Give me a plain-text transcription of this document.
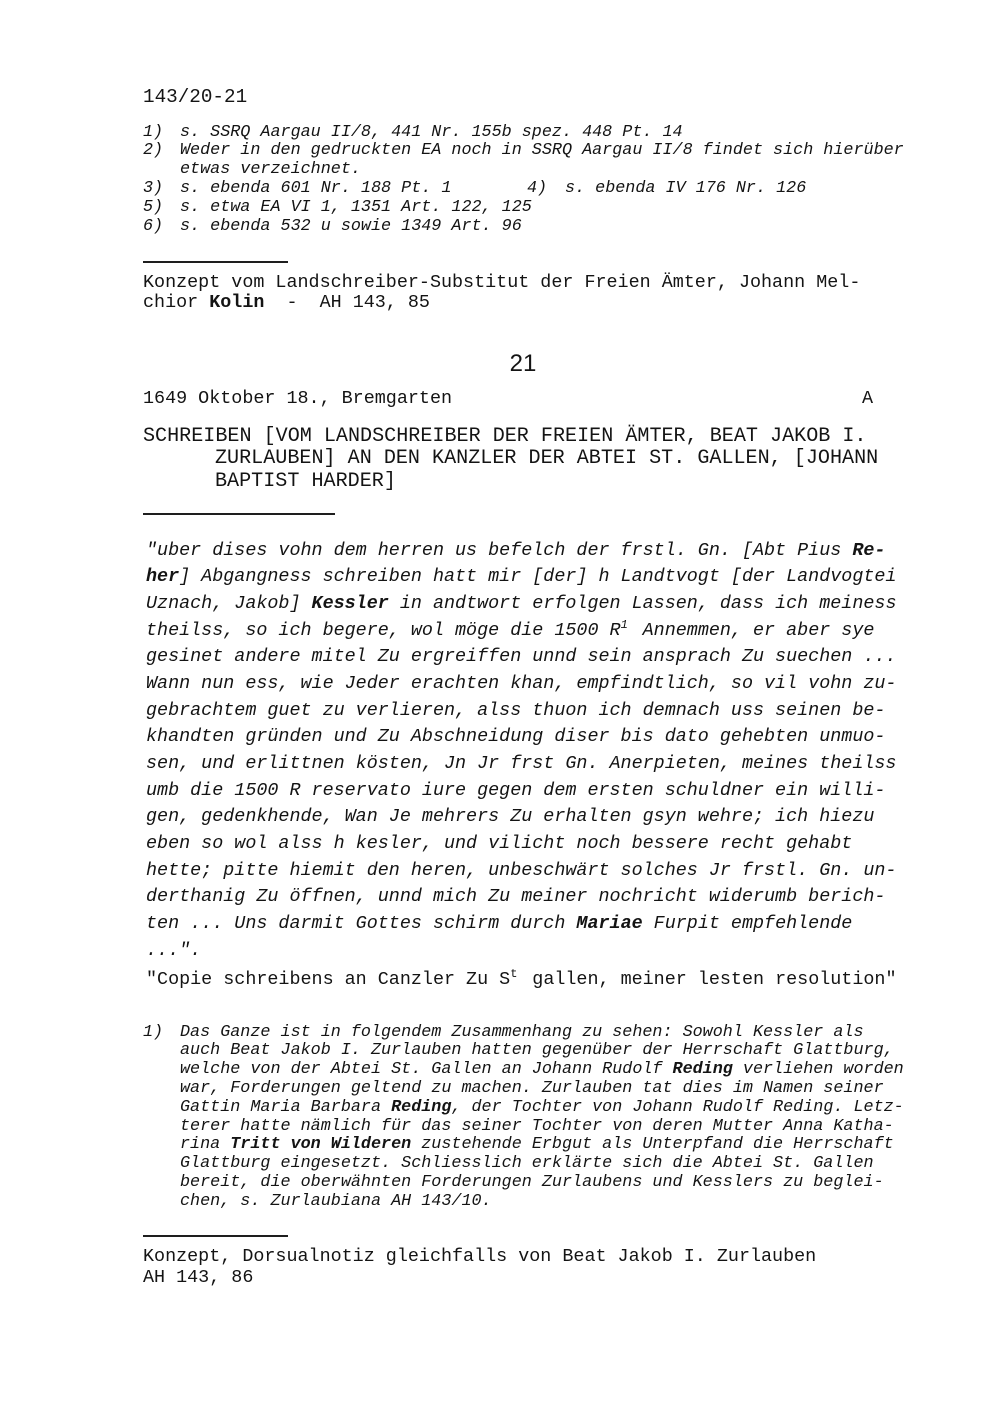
143/20-21
1) s. SSRQ Aargau II/8, 441 Nr. 155b spez. 448 Pt. 14
2) Weder in den gedruckten EA noch in SSRQ Aargau II/8 findet sich hierüber
etwas verzeichnet.
3) s. ebenda 601 Nr. 188 Pt. 1	4) s. ebenda IV 176 Nr. 126
5) s. etwa EA VI 1, 1351 Art. 122, 125
6) s. ebenda 532 u sowie 1349 Art. 96
Konzept vom Landschreiber-Substitut der Freien Ämter, Johann Mel-
chior Kolin  -  AH 143, 85
21
1649 Oktober 18., Bremgarten	A
SCHREIBEN [VOM LANDSCHREIBER DER FREIEN ÄMTER, BEAT JAKOB I.
ZURLAUBEN] AN DEN KANZLER DER ABTEI ST. GALLEN, [JOHANN
BAPTIST HARDER]
"uber dises vohn dem herren us befelch der frstl. Gn. [Abt Pius Re-
her] Abgangness schreiben hatt mir [der] h Landtvogt [der Landvogtei
Uznach, Jakob] Kessler in andtwort erfolgen Lassen, dass ich meiness
theilss, so ich begere, wol möge die 1500 R1 Annemmen, er aber sye
gesinet andere mitel Zu ergreiffen unnd sein ansprach Zu suechen ...
Wann nun ess, wie Jeder erachten khan, empfindtlich, so vil vohn zu-
gebrachtem guet zu verlieren, alss thuon ich demnach uss seinen be-
khandten gründen und Zu Abschneidung diser bis dato gehebten unmuo-
sen, und erlittnen kösten, Jn Jr frst Gn. Anerpieten, meines theilss
umb die 1500 R reservato iure gegen dem ersten schuldner ein willi-
gen, gedenkhende, Wan Je mehrers Zu erhalten gsyn wehre; ich hiezu
eben so wol alss h kesler, und vilicht noch bessere recht gehabt
hette; pitte hiemit den heren, unbeschwärt solches Jr frstl. Gn. un-
derthanig Zu öffnen, unnd mich Zu meiner nochricht widerumb berich-
ten ... Uns darmit Gottes schirm durch Mariae Furpit empfehlende
...".
"Copie schreibens an Canzler Zu St gallen, meiner lesten resolution"
1) Das Ganze ist in folgendem Zusammenhang zu sehen: Sowohl Kessler als
auch Beat Jakob I. Zurlauben hatten gegenüber der Herrschaft Glattburg,
welche von der Abtei St. Gallen an Johann Rudolf Reding verliehen worden
war, Forderungen geltend zu machen. Zurlauben tat dies im Namen seiner
Gattin Maria Barbara Reding, der Tochter von Johann Rudolf Reding. Letz-
terer hatte nämlich für das seiner Tochter von deren Mutter Anna Katha-
rina Tritt von Wilderen zustehende Erbgut als Unterpfand die Herrschaft
Glattburg eingesetzt. Schliesslich erklärte sich die Abtei St. Gallen
bereit, die oberwähnten Forderungen Zurlaubens und Kesslers zu beglei-
chen, s. Zurlaubiana AH 143/10.
Konzept, Dorsualnotiz gleichfalls von Beat Jakob I. Zurlauben
AH 143, 86
